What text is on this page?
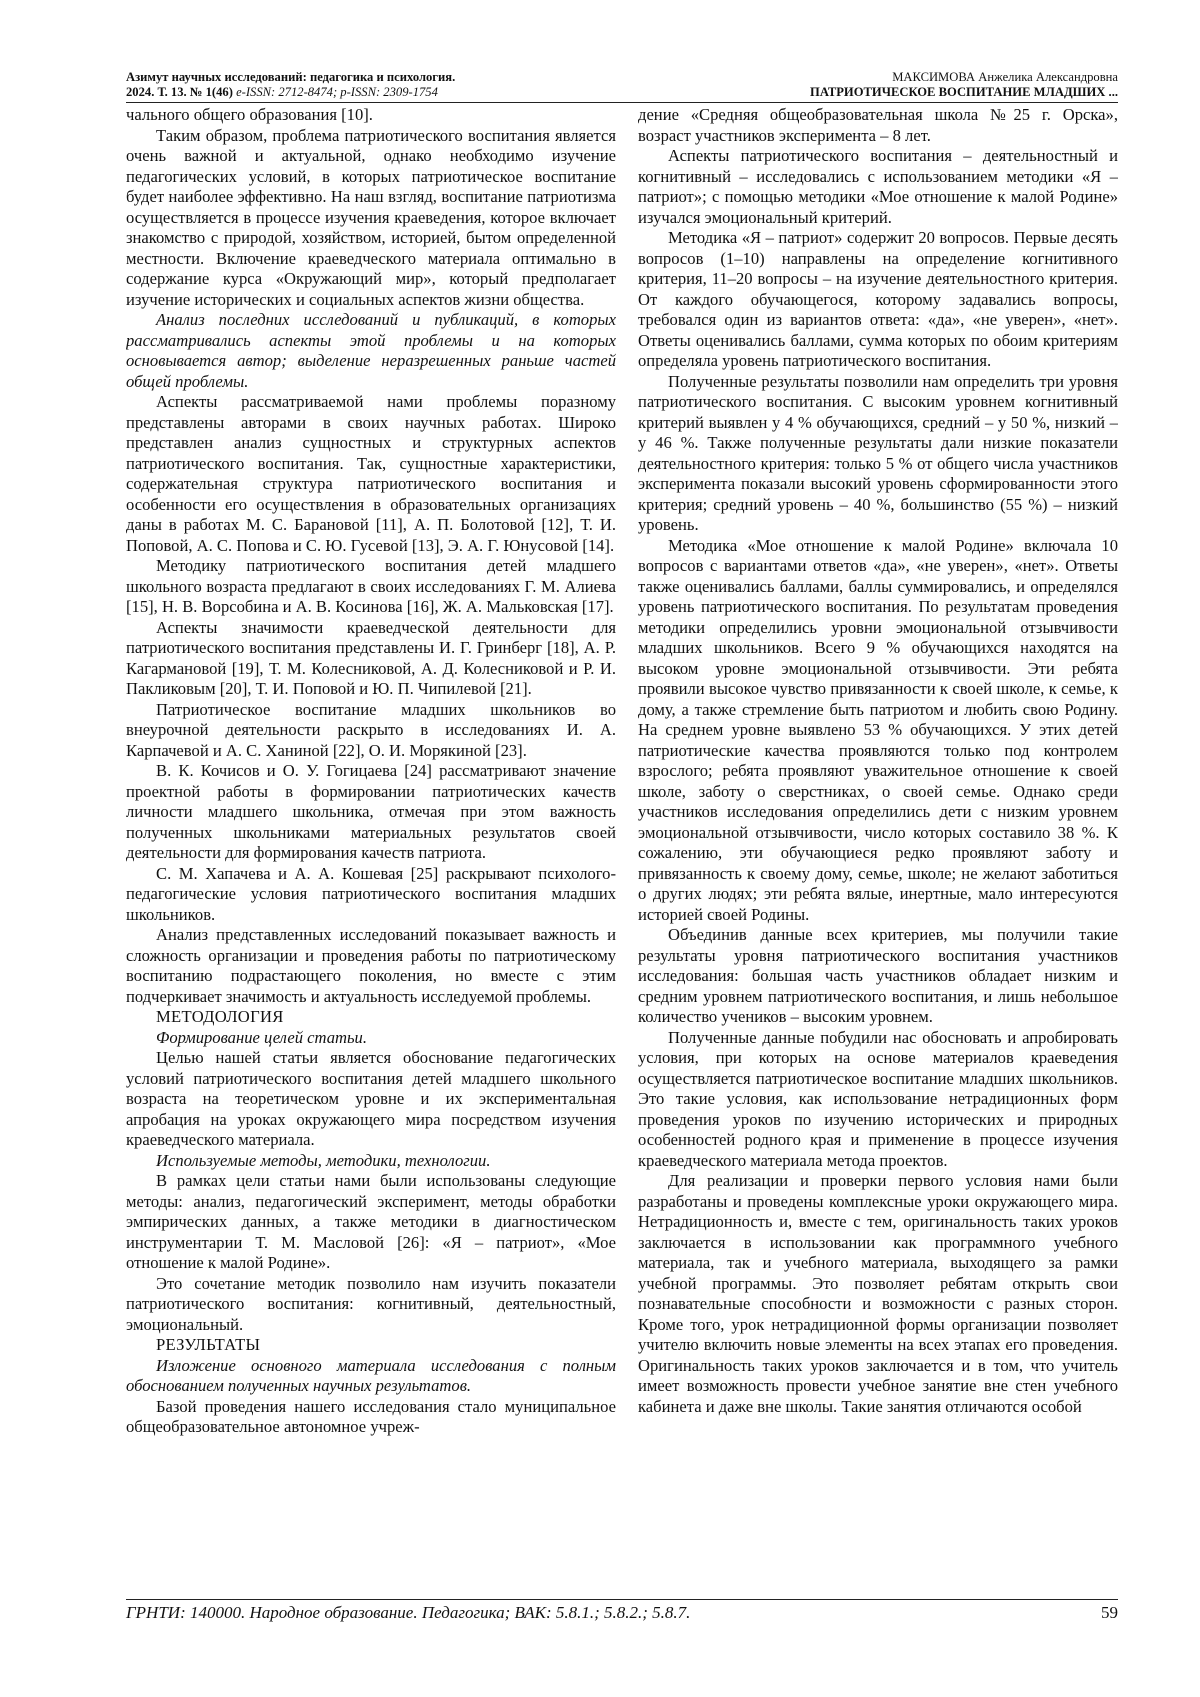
Азимут научных исследований: педагогика и психология.
2024. Т. 13. № 1(46) e-ISSN: 2712-8474; p-ISSN: 2309-1754
МАКСИМОВА Анжелика Александровна
ПАТРИОТИЧЕСКОЕ ВОСПИТАНИЕ МЛАДШИХ ...

чального общего образования [10].

Таким образом, проблема патриотического воспитания является очень важной и актуальной, однако необходимо изучение педагогических условий, в которых патриотическое воспитание будет наиболее эффективно. На наш взгляд, воспитание патриотизма осуществляется в процессе изучения краеведения, которое включает знакомство с природой, хозяйством, историей, бытом определенной местности. Включение краеведческого материала оптимально в содержание курса «Окружающий мир», который предполагает изучение исторических и социальных аспектов жизни общества.

Анализ последних исследований и публикаций, в которых рассматривались аспекты этой проблемы и на которых основывается автор; выделение неразрешенных раньше частей общей проблемы.

Аспекты рассматриваемой нами проблемы поразному представлены авторами в своих научных работах. Широко представлен анализ сущностных и структурных аспектов патриотического воспитания. Так, сущностные характеристики, содержательная структура патриотического воспитания и особенности его осуществления в образовательных организациях даны в работах М. С. Барановой [11], А. П. Болотовой [12], Т. И. Поповой, А. С. Попова и С. Ю. Гусевой [13], Э. А. Г. Юнусовой [14].

Методику патриотического воспитания детей младшего школьного возраста предлагают в своих исследованиях Г. М. Алиева [15], Н. В. Ворсобина и А. В. Косинова [16], Ж. А. Мальковская [17].

Аспекты значимости краеведческой деятельности для патриотического воспитания представлены И. Г. Гринберг [18], А. Р. Кагармановой [19], Т. М. Колесниковой, А. Д. Колесниковой и Р. И. Пакликовым [20], Т. И. Поповой и Ю. П. Чипилевой [21].

Патриотическое воспитание младших школьников во внеурочной деятельности раскрыто в исследованиях И. А. Карпачевой и А. С. Ханиной [22], О. И. Морякиной [23].

В. К. Кочисов и О. У. Гогицаева [24] рассматривают значение проектной работы в формировании патриотических качеств личности младшего школьника, отмечая при этом важность полученных школьниками материальных результатов своей деятельности для формирования качеств патриота.

С. М. Хапачева и А. А. Кошевая [25] раскрывают психолого-педагогические условия патриотического воспитания младших школьников.

Анализ представленных исследований показывает важность и сложность организации и проведения работы по патриотическому воспитанию подрастающего поколения, но вместе с этим подчеркивает значимость и актуальность исследуемой проблемы.

МЕТОДОЛОГИЯ

Формирование целей статьи.

Целью нашей статьи является обоснование педагогических условий патриотического воспитания детей младшего школьного возраста на теоретическом уровне и их экспериментальная апробация на уроках окружающего мира посредством изучения краеведческого материала.

Используемые методы, методики, технологии.

В рамках цели статьи нами были использованы следующие методы: анализ, педагогический эксперимент, методы обработки эмпирических данных, а также методики в диагностическом инструментарии Т. М. Масловой [26]: «Я – патриот», «Мое отношение к малой Родине».

Это сочетание методик позволило нам изучить показатели патриотического воспитания: когнитивный, деятельностный, эмоциональный.

РЕЗУЛЬТАТЫ

Изложение основного материала исследования с полным обоснованием полученных научных результатов.

Базой проведения нашего исследования стало муниципальное общеобразовательное автономное учреж-

дение «Средняя общеобразовательная школа №25 г. Орска», возраст участников эксперимента – 8 лет.

Аспекты патриотического воспитания – деятельностный и когнитивный – исследовались с использованием методики «Я – патриот»; с помощью методики «Мое отношение к малой Родине» изучался эмоциональный критерий.

Методика «Я – патриот» содержит 20 вопросов. Первые десять вопросов (1–10) направлены на определение когнитивного критерия, 11–20 вопросы – на изучение деятельностного критерия. От каждого обучающегося, которому задавались вопросы, требовался один из вариантов ответа: «да», «не уверен», «нет». Ответы оценивались баллами, сумма которых по обоим критериям определяла уровень патриотического воспитания.

Полученные результаты позволили нам определить три уровня патриотического воспитания. С высоким уровнем когнитивный критерий выявлен у 4 % обучающихся, средний – у 50 %, низкий – у 46 %. Также полученные результаты дали низкие показатели деятельностного критерия: только 5 % от общего числа участников эксперимента показали высокий уровень сформированности этого критерия; средний уровень – 40 %, большинство (55 %) – низкий уровень.

Методика «Мое отношение к малой Родине» включала 10 вопросов с вариантами ответов «да», «не уверен», «нет». Ответы также оценивались баллами, баллы суммировались, и определялся уровень патриотического воспитания. По результатам проведения методики определились уровни эмоциональной отзывчивости младших школьников. Всего 9 % обучающихся находятся на высоком уровне эмоциональной отзывчивости. Эти ребята проявили высокое чувство привязанности к своей школе, к семье, к дому, а также стремление быть патриотом и любить свою Родину. На среднем уровне выявлено 53 % обучающихся. У этих детей патриотические качества проявляются только под контролем взрослого; ребята проявляют уважительное отношение к своей школе, заботу о сверстниках, о своей семье. Однако среди участников исследования определились дети с низким уровнем эмоциональной отзывчивости, число которых составило 38 %. К сожалению, эти обучающиеся редко проявляют заботу и привязанность к своему дому, семье, школе; не желают заботиться о других людях; эти ребята вялые, инертные, мало интересуются историей своей Родины.

Объединив данные всех критериев, мы получили такие результаты уровня патриотического воспитания участников исследования: большая часть участников обладает низким и средним уровнем патриотического воспитания, и лишь небольшое количество учеников – высоким уровнем.

Полученные данные побудили нас обосновать и апробировать условия, при которых на основе материалов краеведения осуществляется патриотическое воспитание младших школьников. Это такие условия, как использование нетрадиционных форм проведения уроков по изучению исторических и природных особенностей родного края и применение в процессе изучения краеведческого материала метода проектов.

Для реализации и проверки первого условия нами были разработаны и проведены комплексные уроки окружающего мира. Нетрадиционность и, вместе с тем, оригинальность таких уроков заключается в использовании как программного учебного материала, так и учебного материала, выходящего за рамки учебной программы. Это позволяет ребятам открыть свои познавательные способности и возможности с разных сторон. Кроме того, урок нетрадиционной формы организации позволяет учителю включить новые элементы на всех этапах его проведения. Оригинальность таких уроков заключается и в том, что учитель имеет возможность провести учебное занятие вне стен учебного кабинета и даже вне школы. Такие занятия отличаются особой

ГРНТИ: 140000. Народное образование. Педагогика; ВАК: 5.8.1.; 5.8.2.; 5.8.7.	59
